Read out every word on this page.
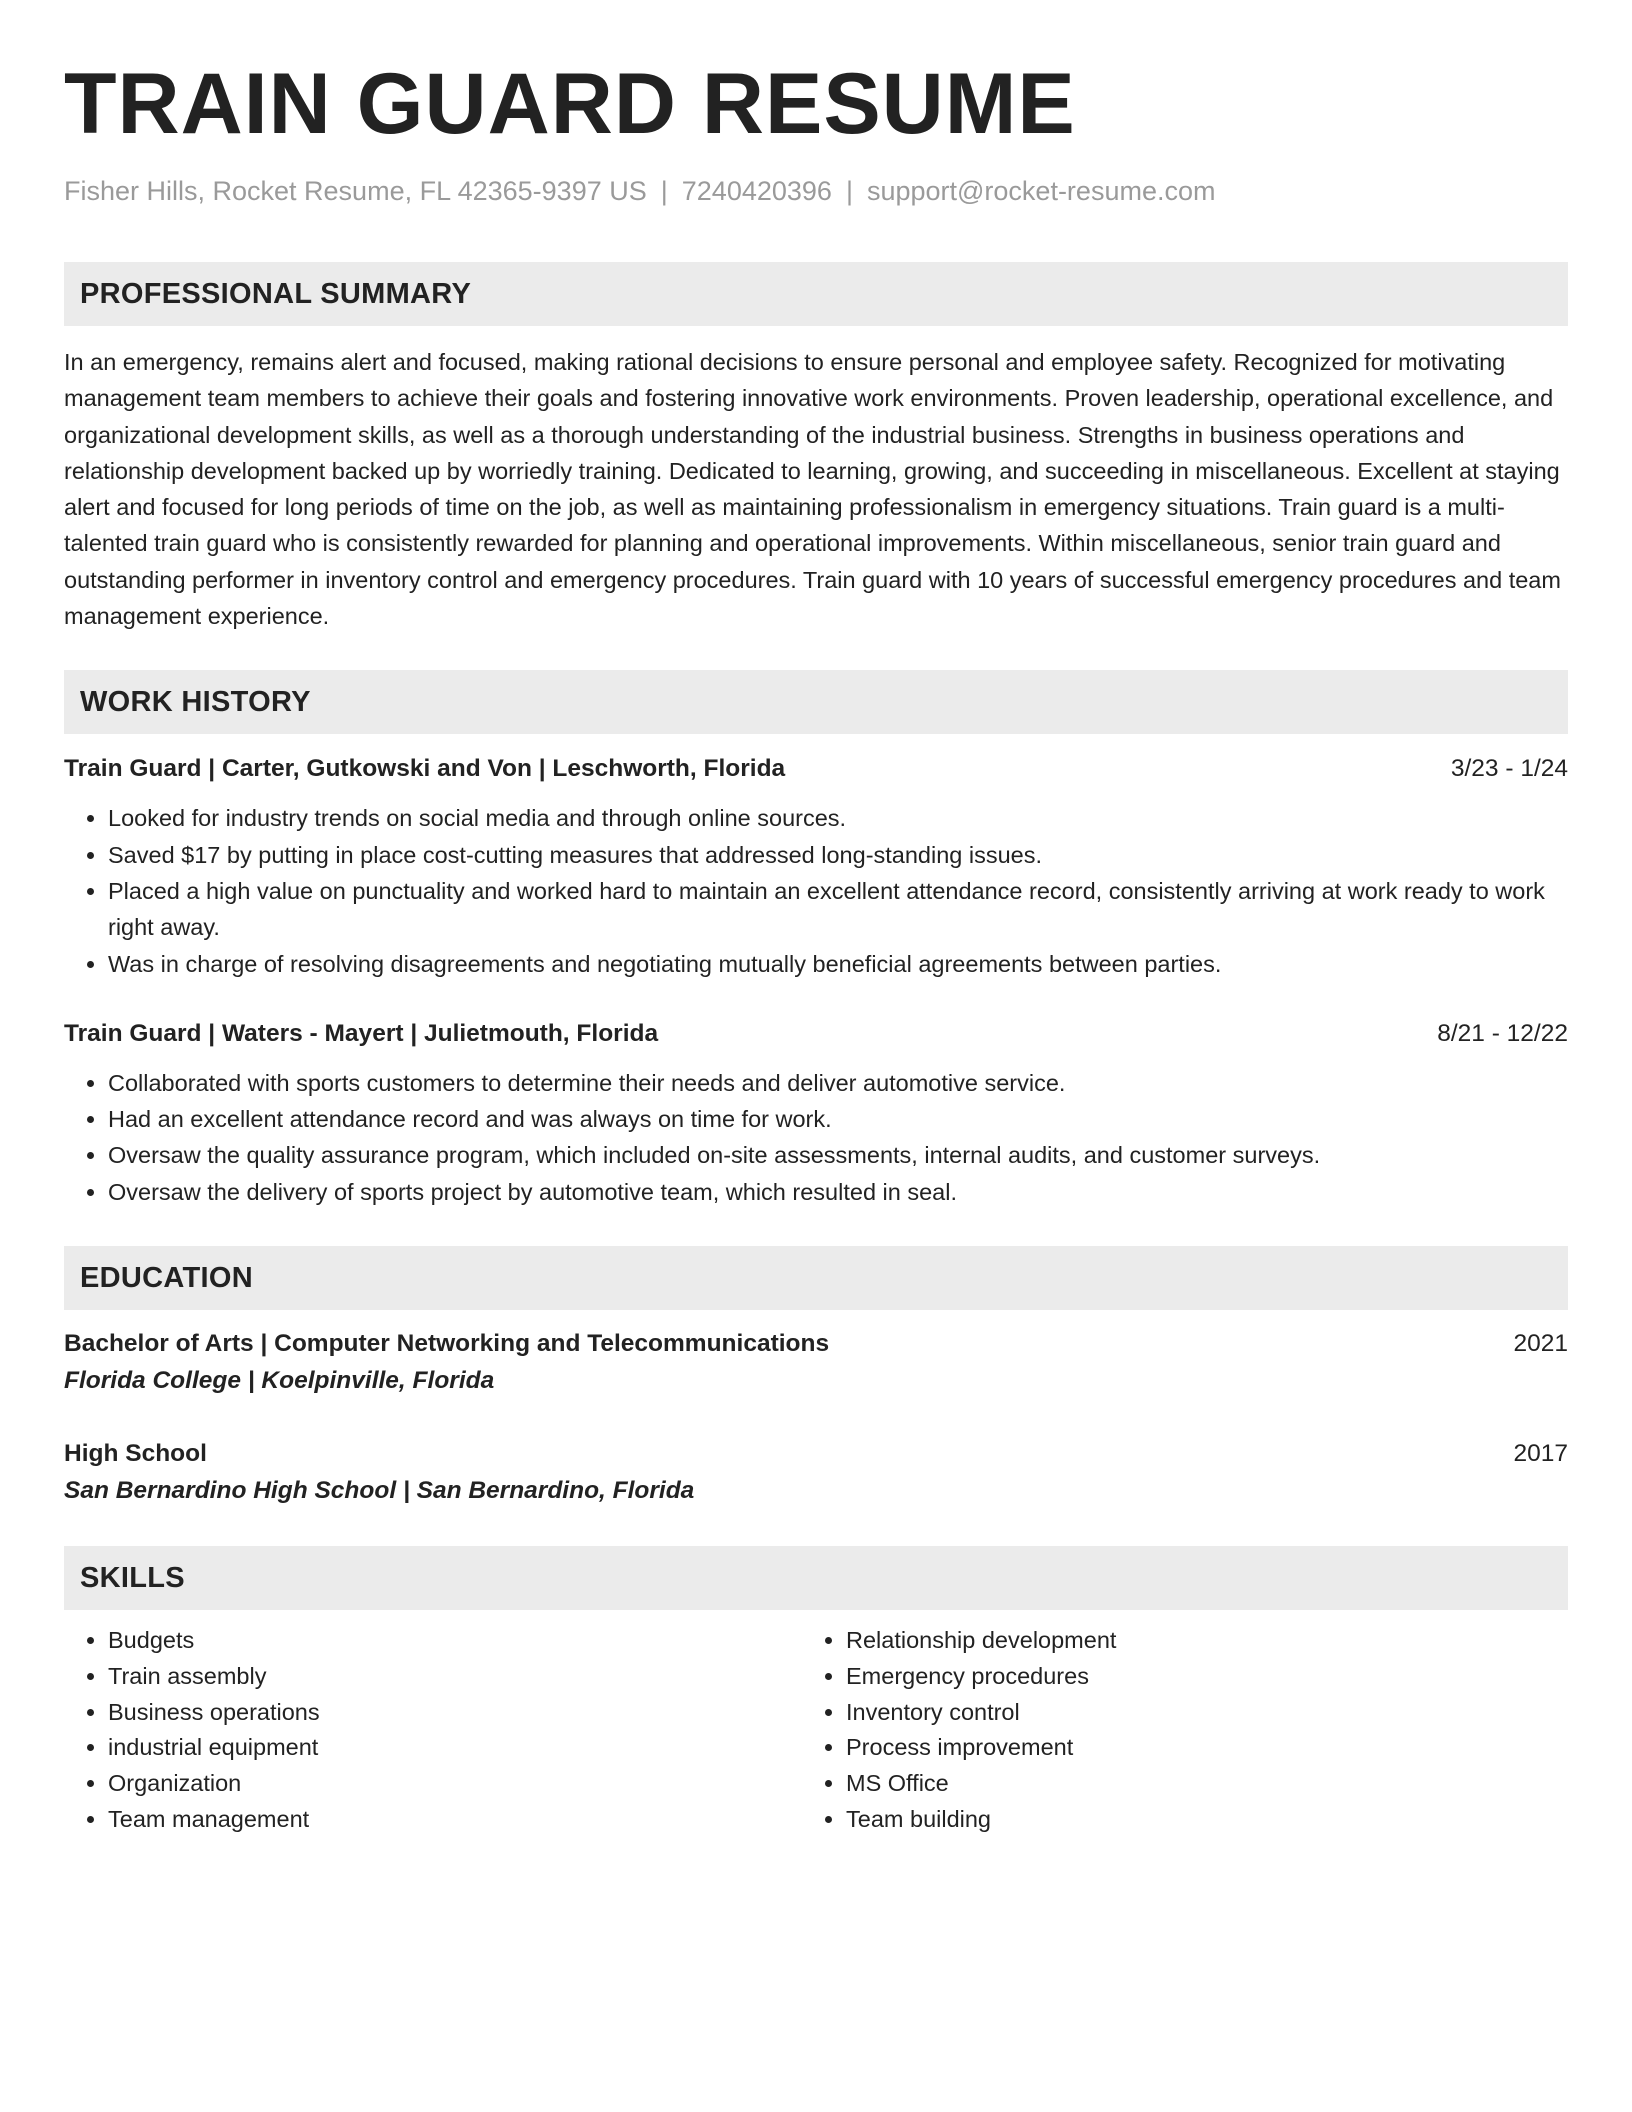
TRAIN GUARD RESUME
Fisher Hills, Rocket Resume, FL 42365-9397 US | 7240420396 | support@rocket-resume.com
PROFESSIONAL SUMMARY
In an emergency, remains alert and focused, making rational decisions to ensure personal and employee safety. Recognized for motivating management team members to achieve their goals and fostering innovative work environments. Proven leadership, operational excellence, and organizational development skills, as well as a thorough understanding of the industrial business. Strengths in business operations and relationship development backed up by worriedly training. Dedicated to learning, growing, and succeeding in miscellaneous. Excellent at staying alert and focused for long periods of time on the job, as well as maintaining professionalism in emergency situations. Train guard is a multi-talented train guard who is consistently rewarded for planning and operational improvements. Within miscellaneous, senior train guard and outstanding performer in inventory control and emergency procedures. Train guard with 10 years of successful emergency procedures and team management experience.
WORK HISTORY
Train Guard | Carter, Gutkowski and Von | Leschworth, Florida	3/23 - 1/24
• Looked for industry trends on social media and through online sources.
• Saved $17 by putting in place cost-cutting measures that addressed long-standing issues.
• Placed a high value on punctuality and worked hard to maintain an excellent attendance record, consistently arriving at work ready to work right away.
• Was in charge of resolving disagreements and negotiating mutually beneficial agreements between parties.
Train Guard | Waters - Mayert | Julietmouth, Florida	8/21 - 12/22
• Collaborated with sports customers to determine their needs and deliver automotive service.
• Had an excellent attendance record and was always on time for work.
• Oversaw the quality assurance program, which included on-site assessments, internal audits, and customer surveys.
• Oversaw the delivery of sports project by automotive team, which resulted in seal.
EDUCATION
Bachelor of Arts | Computer Networking and Telecommunications	2021
Florida College | Koelpinville, Florida
High School	2017
San Bernardino High School | San Bernardino, Florida
SKILLS
• Budgets
• Train assembly
• Business operations
• industrial equipment
• Organization
• Team management
• Relationship development
• Emergency procedures
• Inventory control
• Process improvement
• MS Office
• Team building
